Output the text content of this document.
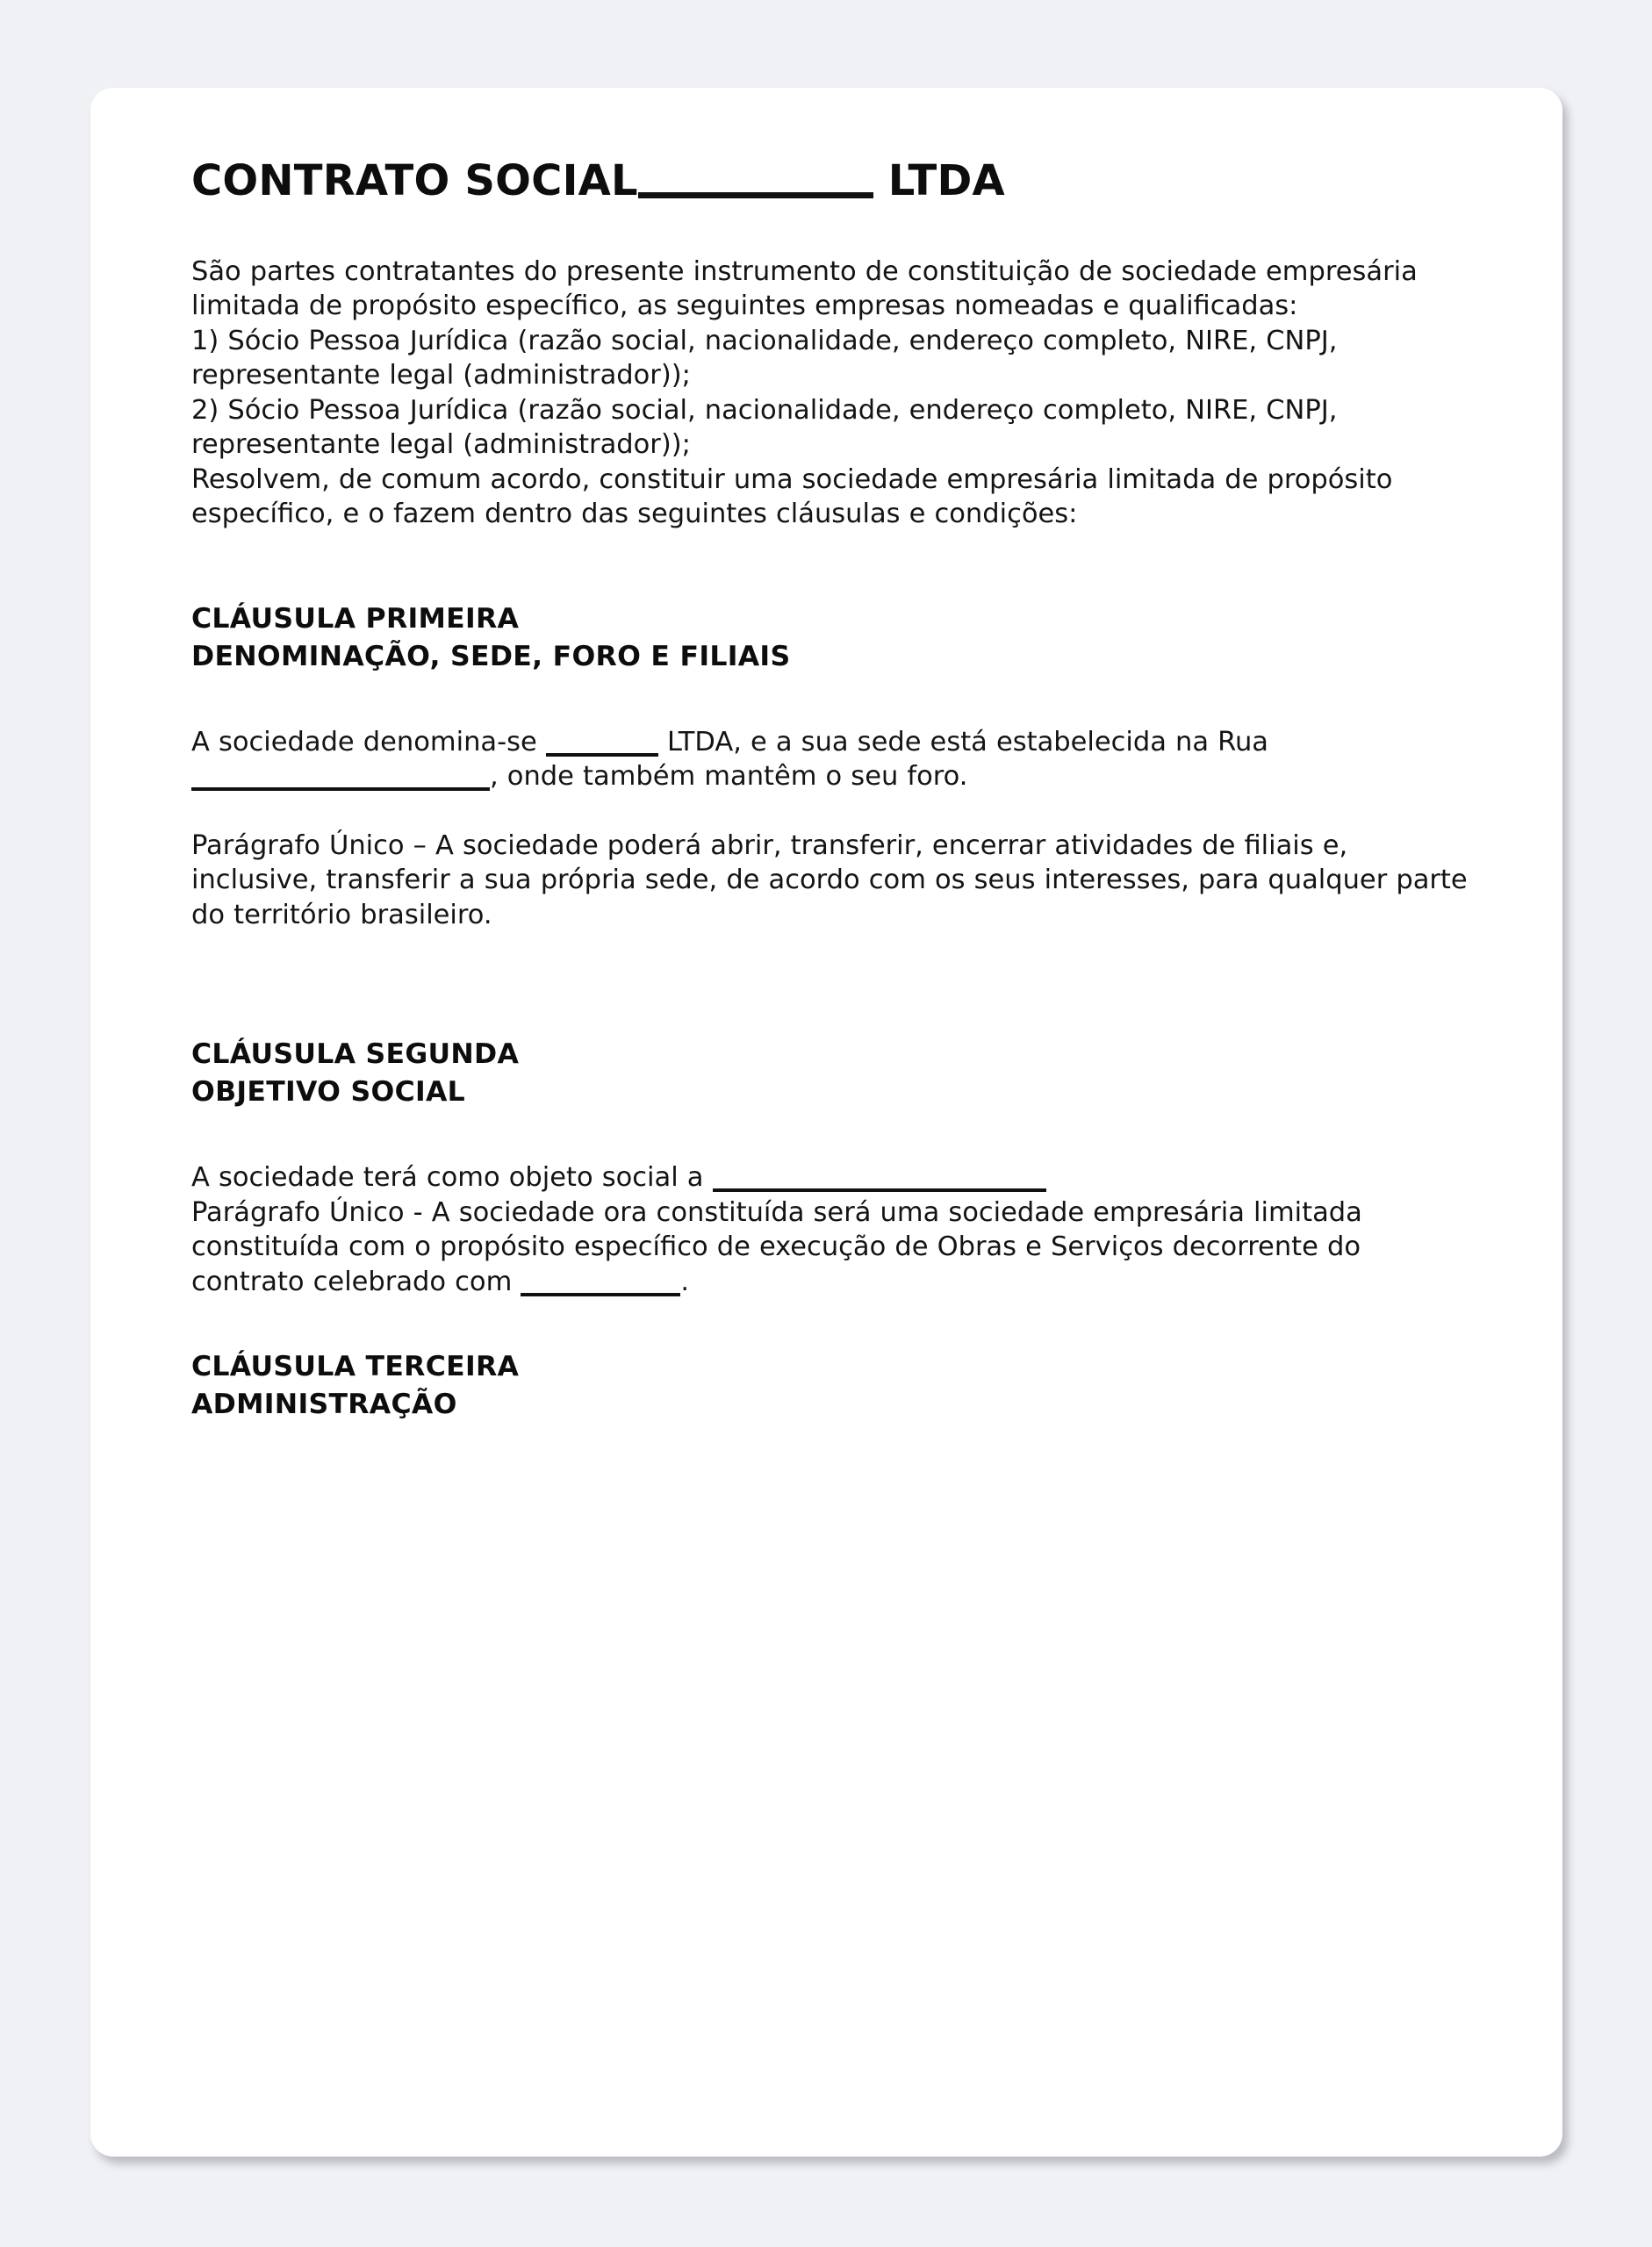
CONTRATO SOCIAL	LTDA

São partes contratantes do presente instrumento de constituição de sociedade empresária limitada de propósito específico, as seguintes empresas nomeadas e qualificadas:

1) Sócio Pessoa Jurídica (razão social, nacionalidade, endereço completo, NIRE, CNPJ, representante legal (administrador));

2) Sócio Pessoa Jurídica (razão social, nacionalidade, endereço completo, NIRE, CNPJ, representante legal (administrador));

Resolvem, de comum acordo, constituir uma sociedade empresária limitada de propósito específico, e o fazem dentro das seguintes cláusulas e condições:

CLÁUSULA PRIMEIRA
DENOMINAÇÃO, SEDE, FORO E FILIAIS

A sociedade denomina-se	LTDA, e a sua sede está estabelecida na Rua , onde também mantêm o seu foro.

Parágrafo Único – A sociedade poderá abrir, transferir, encerrar atividades de filiais e, inclusive, transferir a sua própria sede, de acordo com os seus interesses, para qualquer parte do território brasileiro.

CLÁUSULA SEGUNDA
OBJETIVO SOCIAL

A sociedade terá como objeto social a

Parágrafo Único - A sociedade ora constituída será uma sociedade empresária limitada constituída com o propósito específico de execução de Obras e Serviços decorrente do contrato celebrado com	.

CLÁUSULA TERCEIRA
ADMINISTRAÇÃO
